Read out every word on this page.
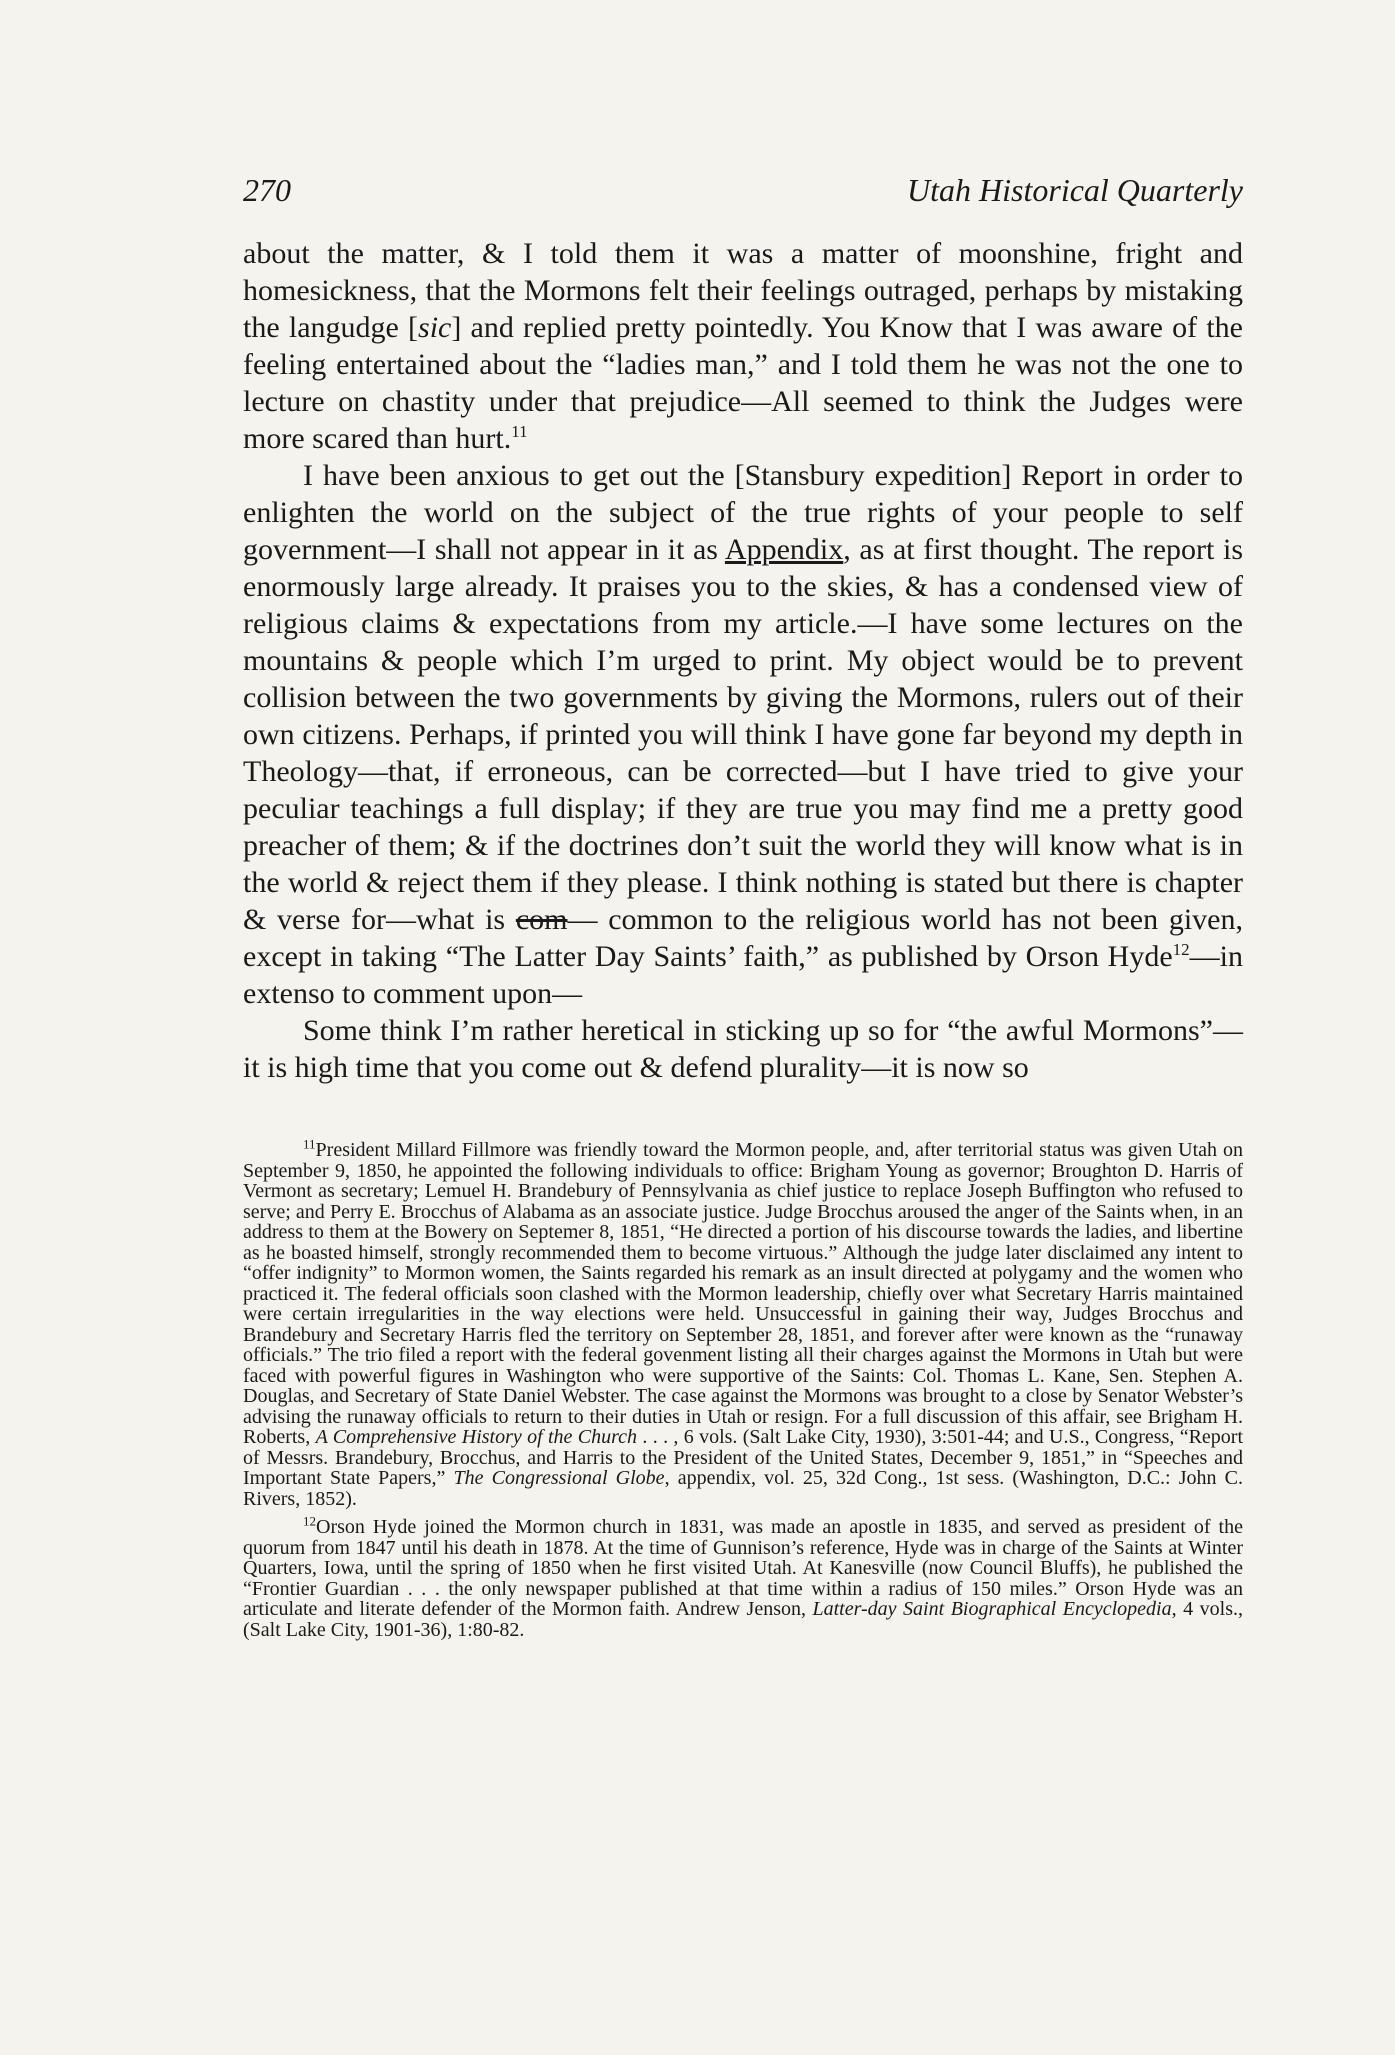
270	Utah Historical Quarterly

about the matter, & I told them it was a matter of moonshine, fright and homesickness, that the Mormons felt their feelings outraged, perhaps by mistaking the langudge [sic] and replied pretty pointedly. You Know that I was aware of the feeling entertained about the “ladies man,” and I told them he was not the one to lecture on chastity under that prejudice—All seemed to think the Judges were more scared than hurt.$^{11}$

I have been anxious to get out the [Stansbury expedition] Report in order to enlighten the world on the subject of the true rights of your people to self government—I shall not appear in it as Appendix, as at first thought. The report is enormously large already. It praises you to the skies, & has a condensed view of religious claims & expectations from my article.—I have some lectures on the mountains & people which I’m urged to print. My object would be to prevent collision between the two governments by giving the Mormons, rulers out of their own citizens. Perhaps, if printed you will think I have gone far beyond my depth in Theology—that, if erroneous, can be corrected—but I have tried to give your peculiar teachings a full display; if they are true you may find me a pretty good preacher of them; & if the doctrines don’t suit the world they will know what is in the world & reject them if they please. I think nothing is stated but there is chapter & verse for—what is com— common to the religious world has not been given, except in taking “The Latter Day Saints’ faith,” as published by Orson Hyde$^{12}$—in extenso to comment upon—

Some think I’m rather heretical in sticking up so for “the awful Mormons”—it is high time that you come out & defend plurality—it is now so

$^{11}$President Millard Fillmore was friendly toward the Mormon people, and, after territorial status was given Utah on September 9, 1850, he appointed the following individuals to office: Brigham Young as governor; Broughton D. Harris of Vermont as secretary; Lemuel H. Brandebury of Pennsylvania as chief justice to replace Joseph Buffington who refused to serve; and Perry E. Brocchus of Alabama as an associate justice. Judge Brocchus aroused the anger of the Saints when, in an address to them at the Bowery on Septemer 8, 1851, “He directed a portion of his discourse towards the ladies, and libertine as he boasted himself, strongly recommended them to become virtuous.” Although the judge later disclaimed any intent to “offer indignity” to Mormon women, the Saints regarded his remark as an insult directed at polygamy and the women who practiced it. The federal officials soon clashed with the Mormon leadership, chiefly over what Secretary Harris maintained were certain irregularities in the way elections were held. Unsuccessful in gaining their way, Judges Brocchus and Brandebury and Secretary Harris fled the territory on September 28, 1851, and forever after were known as the “runaway officials.” The trio filed a report with the federal govenment listing all their charges against the Mormons in Utah but were faced with powerful figures in Washington who were supportive of the Saints: Col. Thomas L. Kane, Sen. Stephen A. Douglas, and Secretary of State Daniel Webster. The case against the Mormons was brought to a close by Senator Webster’s advising the runaway officials to return to their duties in Utah or resign. For a full discussion of this affair, see Brigham H. Roberts, A Comprehensive History of the Church . . . , 6 vols. (Salt Lake City, 1930), 3:501-44; and U.S., Congress, “Report of Messrs. Brandebury, Brocchus, and Harris to the President of the United States, December 9, 1851,” in “Speeches and Important State Papers,” The Congressional Globe, appendix, vol. 25, 32d Cong., 1st sess. (Washington, D.C.: John C. Rivers, 1852).

$^{12}$Orson Hyde joined the Mormon church in 1831, was made an apostle in 1835, and served as president of the quorum from 1847 until his death in 1878. At the time of Gunnison’s reference, Hyde was in charge of the Saints at Winter Quarters, Iowa, until the spring of 1850 when he first visited Utah. At Kanesville (now Council Bluffs), he published the “Frontier Guardian . . . the only newspaper published at that time within a radius of 150 miles.” Orson Hyde was an articulate and literate defender of the Mormon faith. Andrew Jenson, Latter-day Saint Biographical Encyclopedia, 4 vols., (Salt Lake City, 1901-36), 1:80-82.
